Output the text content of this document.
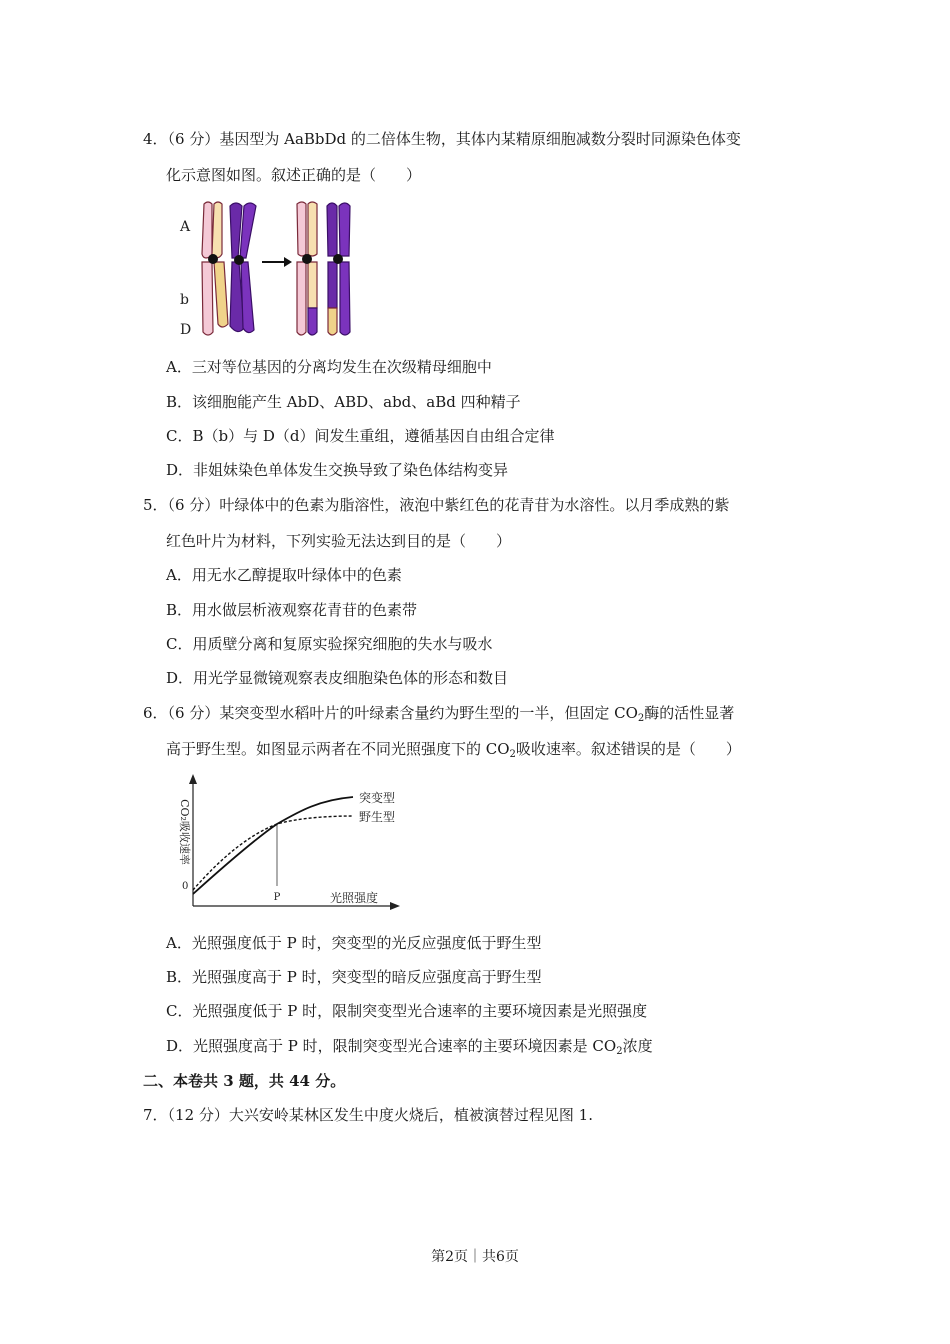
4．（6 分）基因型为 AaBbDd 的二倍体生物，其体内某精原细胞减数分裂时同源染色体变
化示意图如图。叙述正确的是（　　）
A
b
D
A．三对等位基因的分离均发生在次级精母细胞中
B．该细胞能产生 AbD、ABD、abd、aBd 四种精子
C．B（b）与 D（d）间发生重组，遵循基因自由组合定律
D．非姐妹染色单体发生交换导致了染色体结构变异
5．（6 分）叶绿体中的色素为脂溶性，液泡中紫红色的花青苷为水溶性。以月季成熟的紫
红色叶片为材料，下列实验无法达到目的是（　　）
A．用无水乙醇提取叶绿体中的色素
B．用水做层析液观察花青苷的色素带
C．用质壁分离和复原实验探究细胞的失水与吸水
D．用光学显微镜观察表皮细胞染色体的形态和数目
6．（6 分）某突变型水稻叶片的叶绿素含量约为野生型的一半，但固定 $CO_2$酶的活性显著
高于野生型。如图显示两者在不同光照强度下的 $CO_2$吸收速率。叙述错误的是（　　）
0
CO₂吸收速率
光照强度
P
突变型
野生型
A．光照强度低于 P 时，突变型的光反应强度低于野生型
B．光照强度高于 P 时，突变型的暗反应强度高于野生型
C．光照强度低于 P 时，限制突变型光合速率的主要环境因素是光照强度
D．光照强度高于 P 时，限制突变型光合速率的主要环境因素是 $CO_2$浓度
二、本卷共 3 题，共 44 分。
7．（12 分）大兴安岭某林区发生中度火烧后，植被演替过程见图 1.
第2页｜共6页
